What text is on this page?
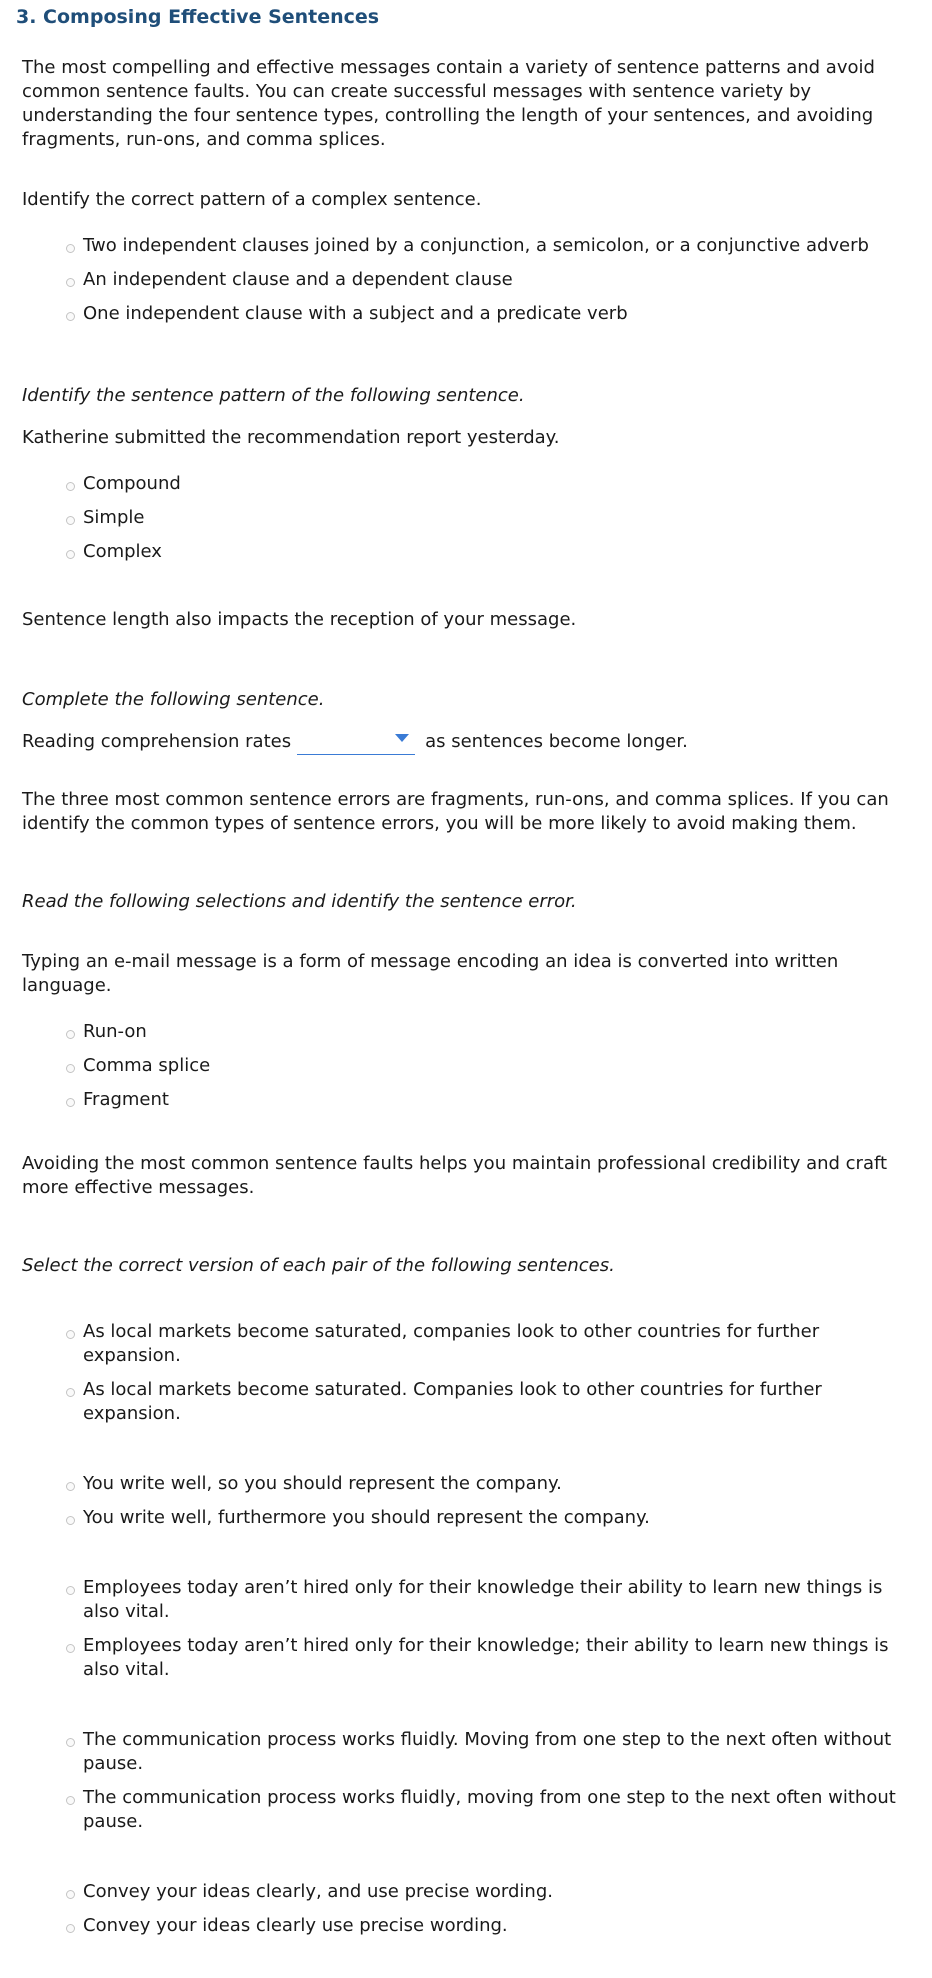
3. Composing Effective Sentences

The most compelling and effective messages contain a variety of sentence patterns and avoid common sentence faults. You can create successful messages with sentence variety by understanding the four sentence types, controlling the length of your sentences, and avoiding fragments, run-ons, and comma splices.

Identify the correct pattern of a complex sentence.

Two independent clauses joined by a conjunction, a semicolon, or a conjunctive adverb
An independent clause and a dependent clause
One independent clause with a subject and a predicate verb

Identify the sentence pattern of the following sentence.

Katherine submitted the recommendation report yesterday.

Compound
Simple
Complex

Sentence length also impacts the reception of your message.

Complete the following sentence.

Reading comprehension rates	as sentences become longer.

The three most common sentence errors are fragments, run-ons, and comma splices. If you can identify the common types of sentence errors, you will be more likely to avoid making them.

Read the following selections and identify the sentence error.

Typing an e-mail message is a form of message encoding an idea is converted into written language.

Run-on
Comma splice
Fragment

Avoiding the most common sentence faults helps you maintain professional credibility and craft more effective messages.

Select the correct version of each pair of the following sentences.

As local markets become saturated, companies look to other countries for further expansion.
As local markets become saturated. Companies look to other countries for further expansion.
You write well, so you should represent the company.
You write well, furthermore you should represent the company.
Employees today aren’t hired only for their knowledge their ability to learn new things is also vital.
Employees today aren’t hired only for their knowledge; their ability to learn new things is also vital.
The communication process works fluidly. Moving from one step to the next often without pause.
The communication process works fluidly, moving from one step to the next often without pause.
Convey your ideas clearly, and use precise wording.
Convey your ideas clearly use precise wording.
